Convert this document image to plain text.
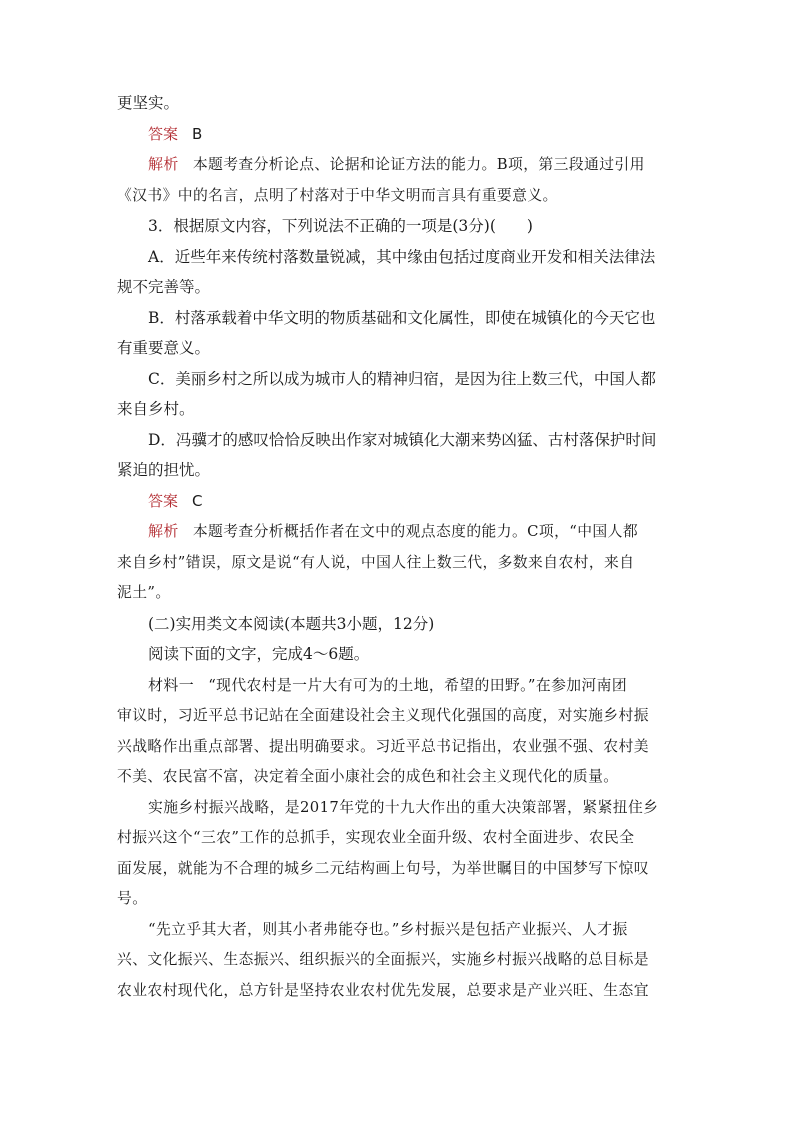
更坚实。

答案 B

解析 本题考查分析论点、论据和论证方法的能力。B项，第三段通过引用

《汉书》中的名言，点明了村落对于中华文明而言具有重要意义。

3．根据原文内容，下列说法不正确的一项是(3分)(　　)

A．近些年来传统村落数量锐减，其中缘由包括过度商业开发和相关法律法

规不完善等。

B．村落承载着中华文明的物质基础和文化属性，即使在城镇化的今天它也

有重要意义。

C．美丽乡村之所以成为城市人的精神归宿，是因为往上数三代，中国人都

来自乡村。

D．冯骥才的感叹恰恰反映出作家对城镇化大潮来势凶猛、古村落保护时间

紧迫的担忧。

答案 C

解析 本题考查分析概括作者在文中的观点态度的能力。C项，“中国人都

来自乡村”错误，原文是说“有人说，中国人往上数三代，多数来自农村，来自

泥土”。

(二)实用类文本阅读(本题共3小题，12分)

阅读下面的文字，完成4～6题。

材料一 “现代农村是一片大有可为的土地，希望的田野。”在参加河南团

审议时，习近平总书记站在全面建设社会主义现代化强国的高度，对实施乡村振

兴战略作出重点部署、提出明确要求。习近平总书记指出，农业强不强、农村美

不美、农民富不富，决定着全面小康社会的成色和社会主义现代化的质量。

实施乡村振兴战略，是2017年党的十九大作出的重大决策部署，紧紧扭住乡

村振兴这个“三农”工作的总抓手，实现农业全面升级、农村全面进步、农民全

面发展，就能为不合理的城乡二元结构画上句号，为举世瞩目的中国梦写下惊叹

号。

“先立乎其大者，则其小者弗能夺也。”乡村振兴是包括产业振兴、人才振

兴、文化振兴、生态振兴、组织振兴的全面振兴，实施乡村振兴战略的总目标是

农业农村现代化，总方针是坚持农业农村优先发展，总要求是产业兴旺、生态宜
